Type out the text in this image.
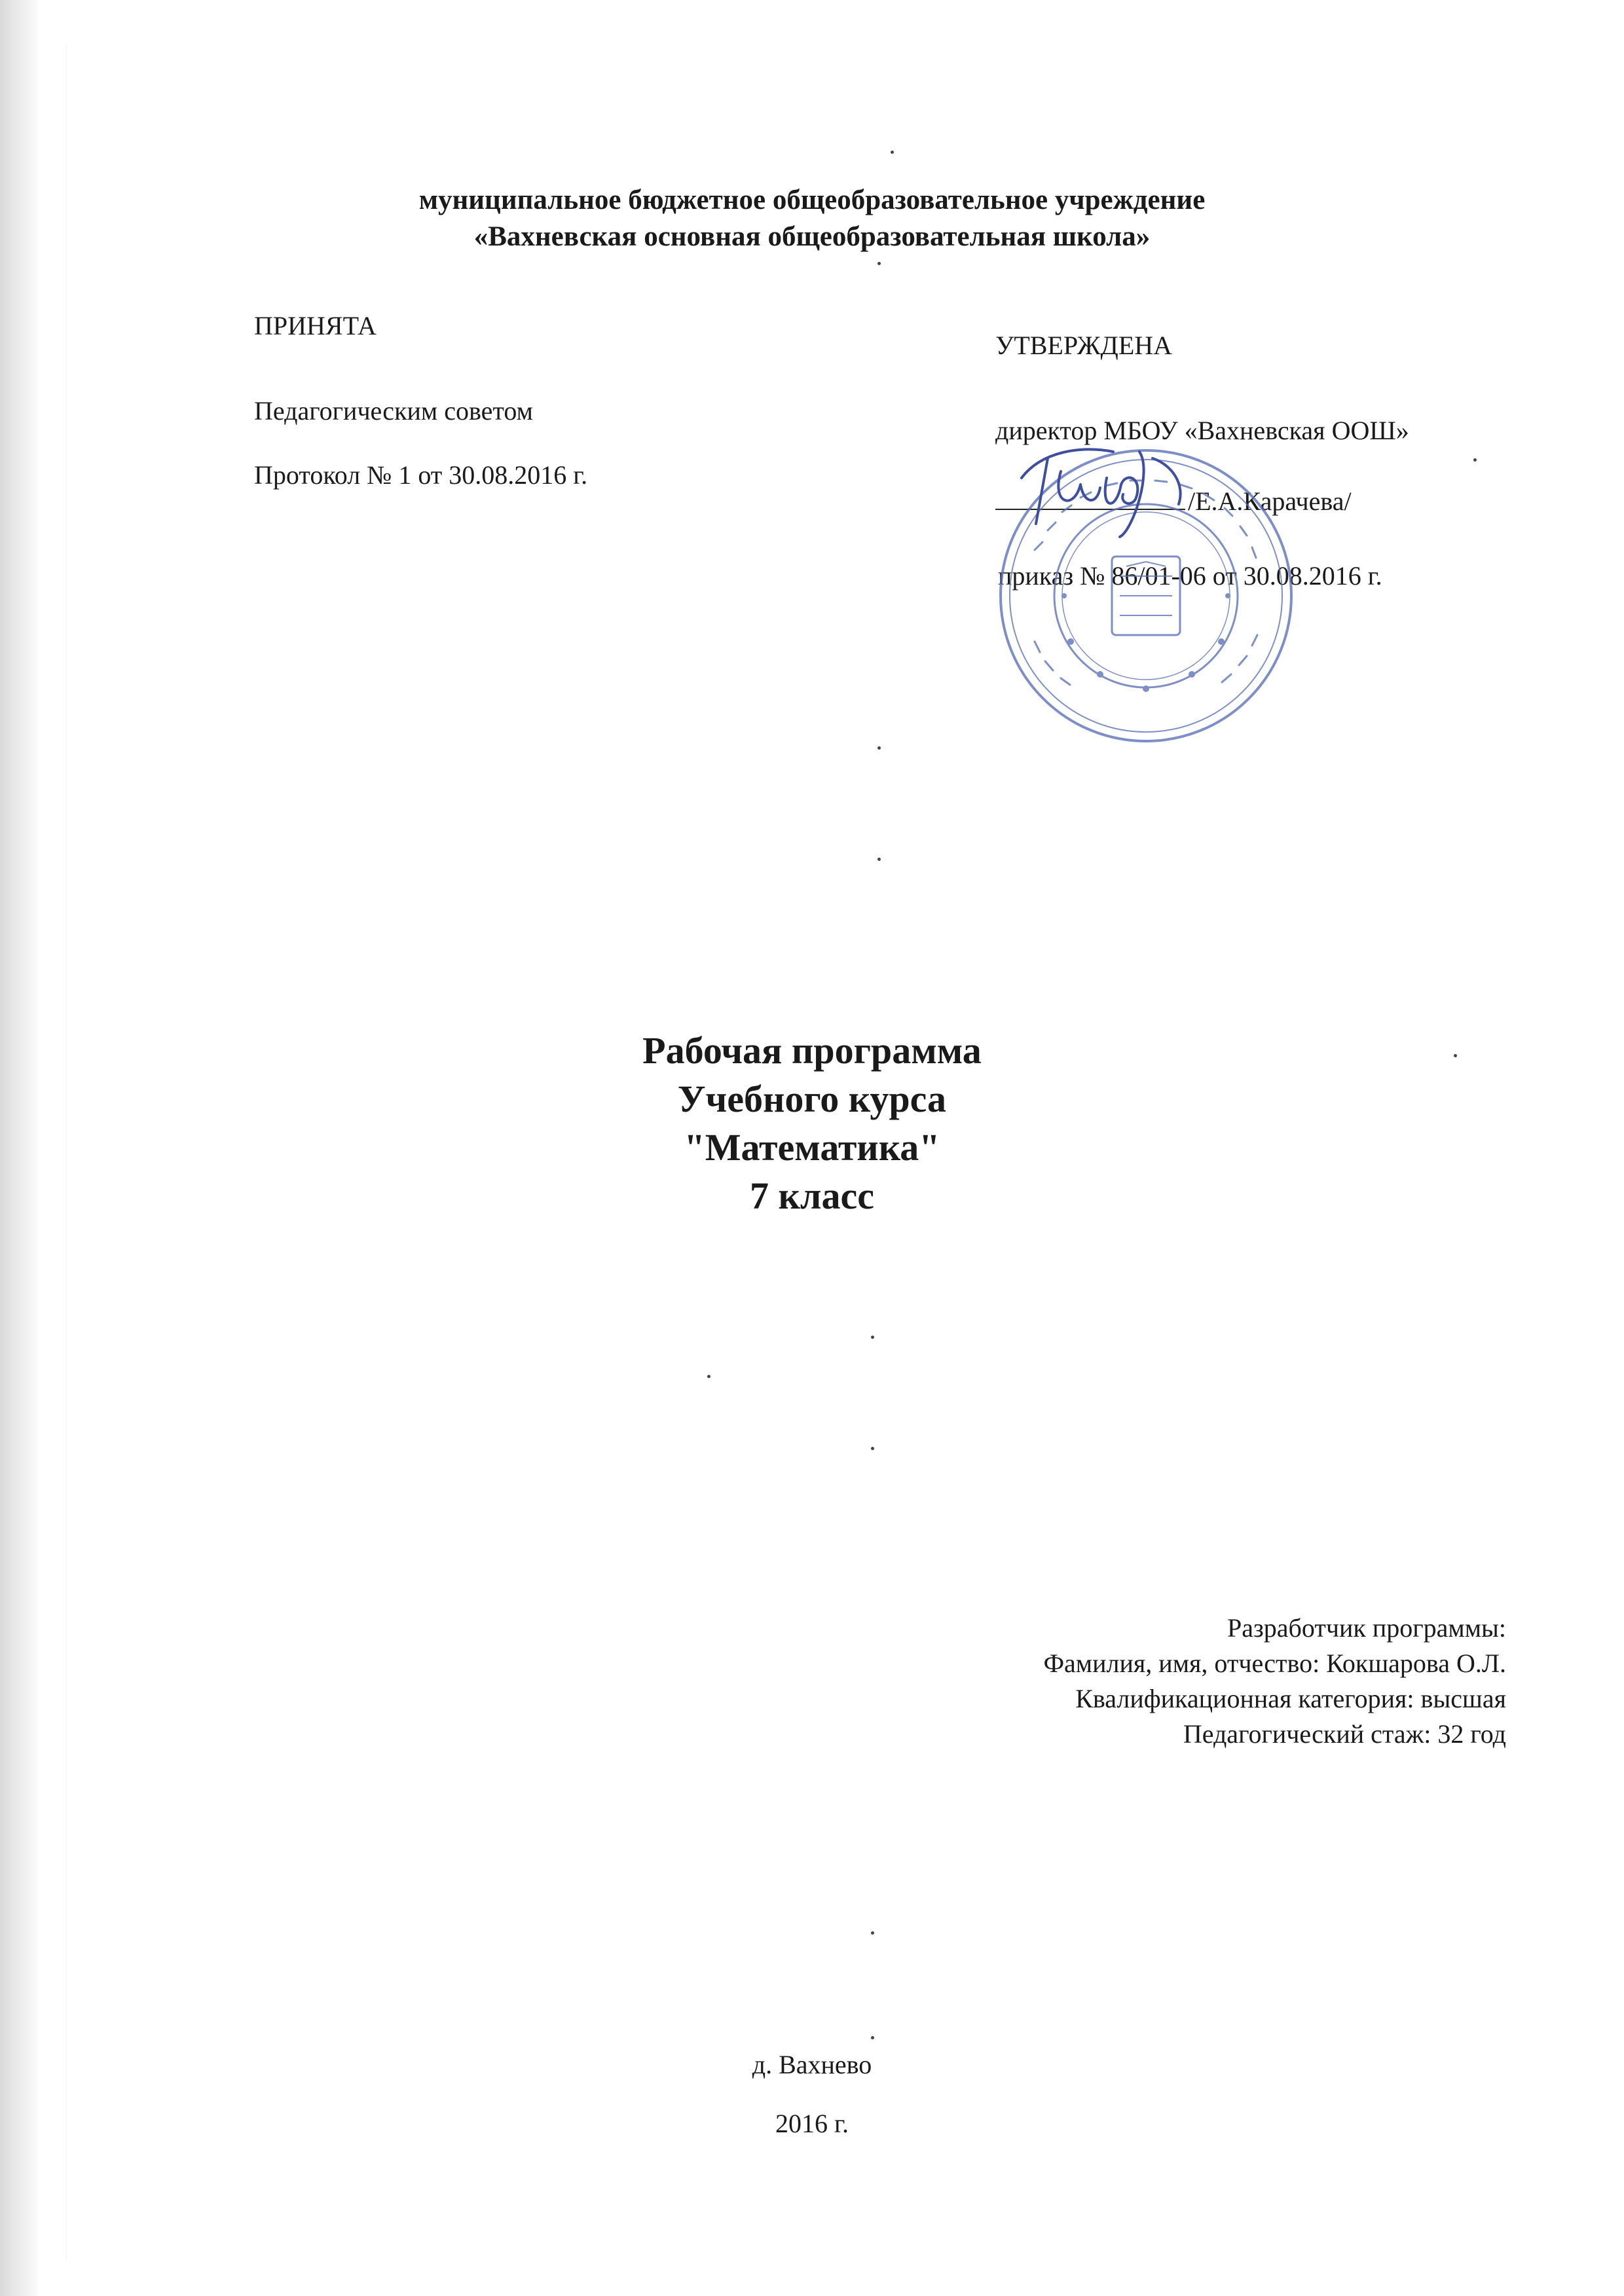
муниципальное бюджетное общеобразовательное учреждение
«Вахневская основная общеобразовательная школа»
ПРИНЯТА
Педагогическим советом
Протокол № 1 от 30.08.2016 г.
УТВЕРЖДЕНА
директор МБОУ «Вахневская ООШ»
/Е.А.Карачева/
приказ № 86/01-06 от 30.08.2016 г.
Рабочая программа
Учебного курса
"Математика"
7 класс
Разработчик программы:
Фамилия, имя, отчество: Кокшарова О.Л.
Квалификационная категория: высшая
Педагогический стаж: 32 год
д. Вахнево
2016 г.
